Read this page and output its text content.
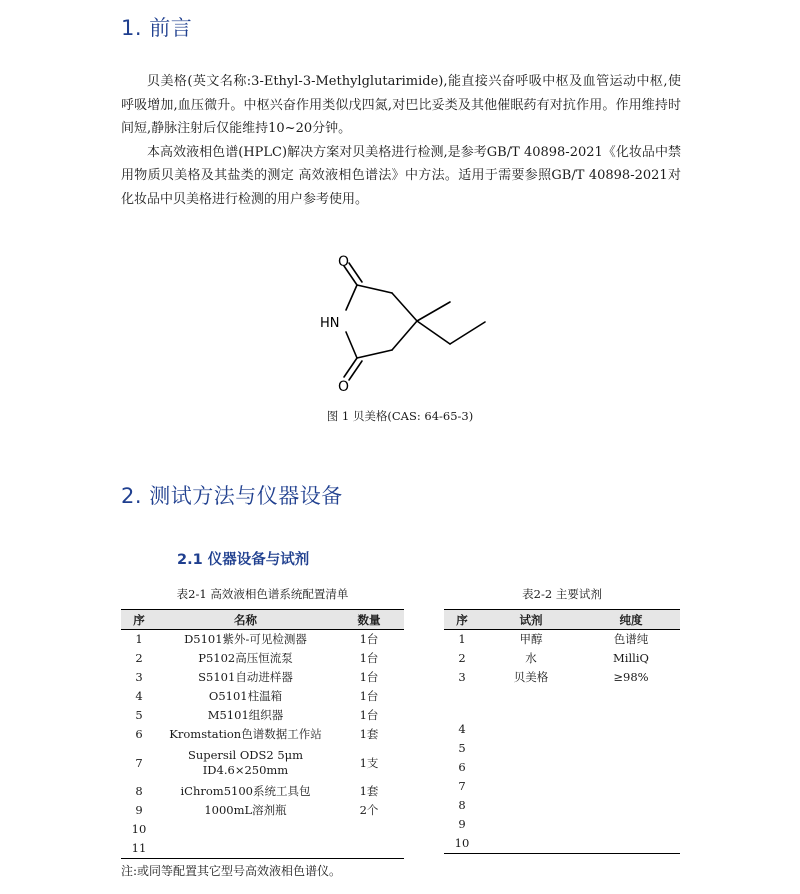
1. 前言

贝美格(英文名称:3-Ethyl-3-Methylglutarimide),能直接兴奋呼吸中枢及血管运动中枢,使呼吸增加,血压微升。中枢兴奋作用类似戊四氮,对巴比妥类及其他催眠药有对抗作用。作用维持时间短,静脉注射后仅能维持10~20分钟。

本高效液相色谱(HPLC)解决方案对贝美格进行检测,是参考GB/T 40898-2021《化妆品中禁用物质贝美格及其盐类的测定 高效液相色谱法》中方法。适用于需要参照GB/T 40898-2021对化妆品中贝美格进行检测的用户参考使用。

O
HN
O
图 1 贝美格(CAS: 64-65-3)
2. 测试方法与仪器设备
2.1 仪器设备与试剂
表2-1 高效液相色谱系统配置清单	表2-2 主要试剂
序	名称	数量
1	D5101紫外-可见检测器	1台
2	P5102高压恒流泵	1台
3	S5101自动进样器	1台
4	O5101柱温箱	1台
5	M5101组织器	1台
6	Kromstation色谱数据工作站	1套
7	Supersil ODS2 5μm
ID4.6×250mm	1支
8	iChrom5100系统工具包	1套
9	1000mL溶剂瓶	2个
10		
11		
序	试剂	纯度
1	甲醇	色谱纯
2	水	MilliQ
3	贝美格	≥98%

4		
5		
6		
7		
8		
9		
10		
注:或同等配置其它型号高效液相色谱仪。
